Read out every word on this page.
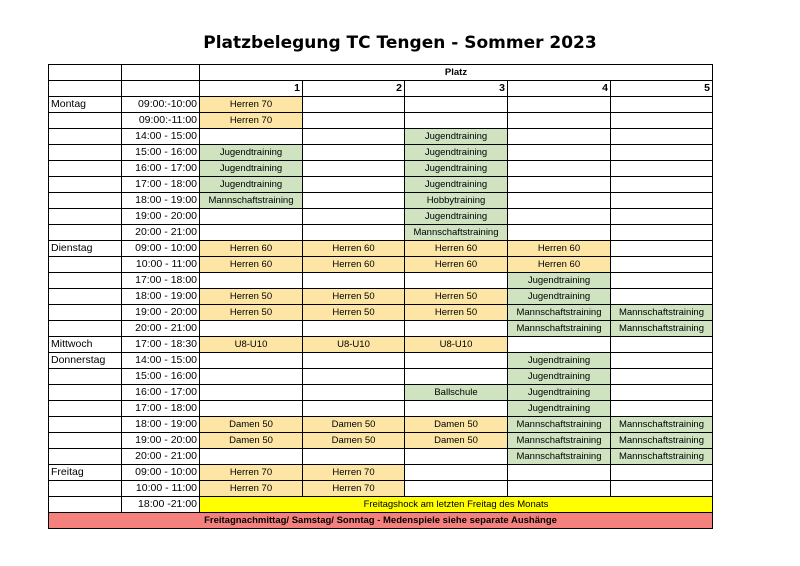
Platzbelegung TC Tengen - Sommer 2023
		Platz				
		1	2	3	4	5
Montag	09:00:-10:00	Herren 70				
	09:00:-11:00	Herren 70				
	14:00 - 15:00			Jugendtraining		
	15:00 - 16:00	Jugendtraining		Jugendtraining		
	16:00 - 17:00	Jugendtraining		Jugendtraining		
	17:00 - 18:00	Jugendtraining		Jugendtraining		
	18:00 - 19:00	Mannschaftstraining		Hobbytraining		
	19:00 - 20:00			Jugendtraining		
	20:00 - 21:00			Mannschaftstraining		
Dienstag	09:00 - 10:00	Herren 60	Herren 60	Herren 60	Herren 60	
	10:00 - 11:00	Herren 60	Herren 60	Herren 60	Herren 60	
	17:00 - 18:00				Jugendtraining	
	18:00 - 19:00	Herren 50	Herren 50	Herren 50	Jugendtraining	
	19:00 - 20:00	Herren 50	Herren 50	Herren 50	Mannschaftstraining	Mannschaftstraining
	20:00 - 21:00				Mannschaftstraining	Mannschaftstraining
Mittwoch	17:00 - 18:30	U8-U10	U8-U10	U8-U10		
Donnerstag	14:00 - 15:00				Jugendtraining	
	15:00 - 16:00				Jugendtraining	
	16:00 - 17:00			Ballschule	Jugendtraining	
	17:00 - 18:00				Jugendtraining	
	18:00 - 19:00	Damen 50	Damen 50	Damen 50	Mannschaftstraining	Mannschaftstraining
	19:00 - 20:00	Damen 50	Damen 50	Damen 50	Mannschaftstraining	Mannschaftstraining
	20:00 - 21:00				Mannschaftstraining	Mannschaftstraining
Freitag	09:00 - 10:00	Herren 70	Herren 70			
	10:00 - 11:00	Herren 70	Herren 70			
	18:00 -21:00	Freitagshock am letzten Freitag des Monats				
Freitagnachmittag/ Samstag/ Sonntag - Medenspiele siehe separate Aushänge						
